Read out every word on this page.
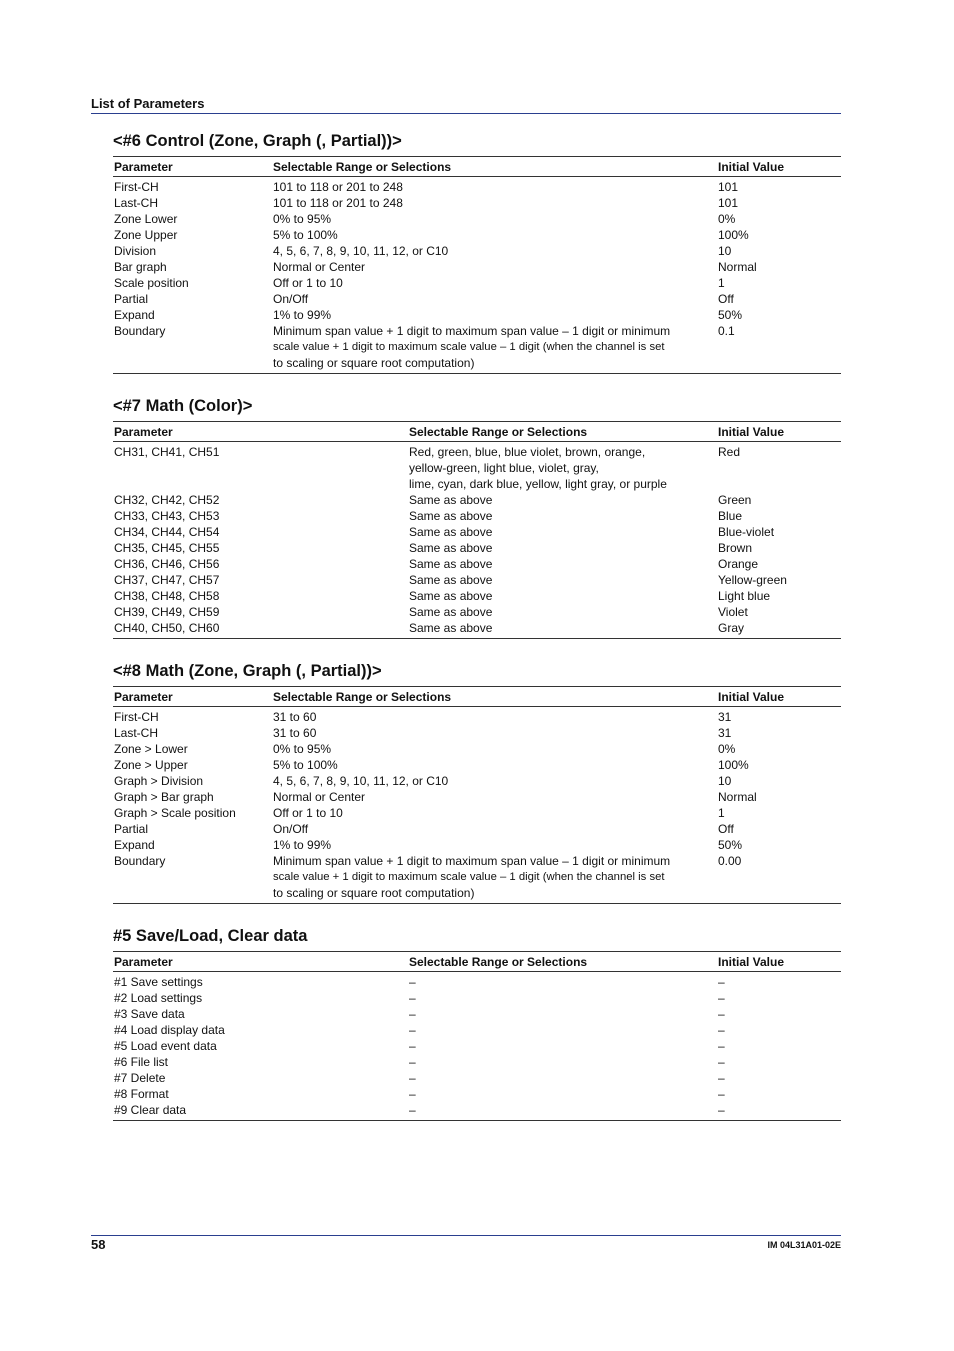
List of Parameters
<#6 Control (Zone, Graph (, Partial))>
Parameter	Selectable Range or Selections	Initial Value
First-CH	101 to 118 or 201 to 248	101
Last-CH	101 to 118 or 201 to 248	101
Zone Lower	0% to 95%	0%
Zone Upper	5% to 100%	100%
Division	4, 5, 6, 7, 8, 9, 10, 11, 12, or C10	10
Bar graph	Normal or Center	Normal
Scale position	Off or 1 to 10	1
Partial	On/Off	Off
Expand	1% to 99%	50%
Boundary	Minimum span value + 1 digit to maximum span value – 1 digit or minimum
scale value + 1 digit to maximum scale value – 1 digit (when the channel is set
to scaling or square root computation)	0.1
<#7 Math (Color)>
Parameter	Selectable Range or Selections	Initial Value
CH31, CH41, CH51	Red, green, blue, blue violet, brown, orange,
yellow-green, light blue, violet, gray,
lime, cyan, dark blue, yellow, light gray, or purple	Red
CH32, CH42, CH52	Same as above	Green
CH33, CH43, CH53	Same as above	Blue
CH34, CH44, CH54	Same as above	Blue-violet
CH35, CH45, CH55	Same as above	Brown
CH36, CH46, CH56	Same as above	Orange
CH37, CH47, CH57	Same as above	Yellow-green
CH38, CH48, CH58	Same as above	Light blue
CH39, CH49, CH59	Same as above	Violet
CH40, CH50, CH60	Same as above	Gray
<#8 Math (Zone, Graph (, Partial))>
Parameter	Selectable Range or Selections	Initial Value
First-CH	31 to 60	31
Last-CH	31 to 60	31
Zone > Lower	0% to 95%	0%
Zone > Upper	5% to 100%	100%
Graph > Division	4, 5, 6, 7, 8, 9, 10, 11, 12, or C10	10
Graph > Bar graph	Normal or Center	Normal
Graph > Scale position	Off or 1 to 10	1
Partial	On/Off	Off
Expand	1% to 99%	50%
Boundary	Minimum span value + 1 digit to maximum span value – 1 digit or minimum
scale value + 1 digit to maximum scale value – 1 digit (when the channel is set
to scaling or square root computation)	0.00
#5 Save/Load, Clear data
Parameter	Selectable Range or Selections	Initial Value
#1 Save settings	–	–
#2 Load settings	–	–
#3 Save data	–	–
#4 Load display data	–	–
#5 Load event data	–	–
#6 File list	–	–
#7 Delete	–	–
#8 Format	–	–
#9 Clear data	–	–
58	IM 04L31A01-02E
